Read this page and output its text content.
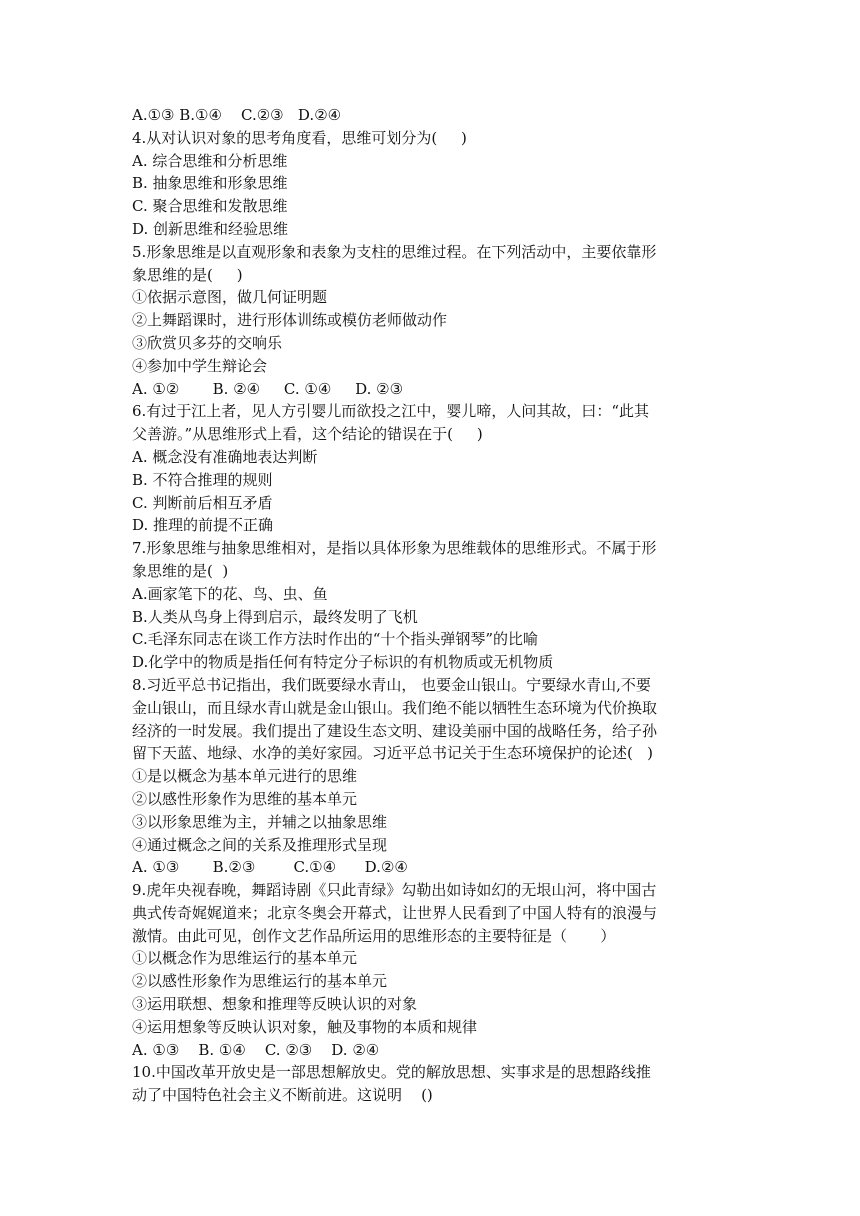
A.①③ B.①④    C.②③   D.②④
4.从对认识对象的思考角度看，思维可划分为(     )
A. 综合思维和分析思维
B. 抽象思维和形象思维
C. 聚合思维和发散思维
D. 创新思维和经验思维
5.形象思维是以直观形象和表象为支柱的思维过程。在下列活动中，主要依靠形
象思维的是(     )
①依据示意图，做几何证明题
②上舞蹈课时，进行形体训练或模仿老师做动作
③欣赏贝多芬的交响乐
④参加中学生辩论会
A. ①②       B. ②④     C. ①④     D. ②③
6.有过于江上者，见人方引婴儿而欲投之江中，婴儿啼，人问其故，曰：“此其
父善游。”从思维形式上看，这个结论的错误在于(     )
A. 概念没有准确地表达判断
B. 不符合推理的规则
C. 判断前后相互矛盾
D. 推理的前提不正确
7.形象思维与抽象思维相对，是指以具体形象为思维载体的思维形式。不属于形
象思维的是(  )
A.画家笔下的花、鸟、虫、鱼
B.人类从鸟身上得到启示，最终发明了飞机
C.毛泽东同志在谈工作方法时作出的“十个指头弹钢琴”的比喻
D.化学中的物质是指任何有特定分子标识的有机物质或无机物质
8.习近平总书记指出，我们既要绿水青山， 也要金山银山。宁要绿水青山,不要
金山银山，而且绿水青山就是金山银山。我们绝不能以牺牲生态环境为代价换取
经济的一时发展。我们提出了建设生态文明、建设美丽中国的战略任务，给子孙
留下天蓝、地绿、水净的美好家园。习近平总书记关于生态环境保护的论述(   )
①是以概念为基本单元进行的思维
②以感性形象作为思维的基本单元
③以形象思维为主，并辅之以抽象思维
④通过概念之间的关系及推理形式呈现
A. ①③       B.②③        C.①④      D.②④
9.虎年央视春晚，舞蹈诗剧《只此青绿》勾勒出如诗如幻的无垠山河，将中国古
典式传奇娓娓道来；北京冬奥会开幕式，让世界人民看到了中国人特有的浪漫与
激情。由此可见，创作文艺作品所运用的思维形态的主要特征是（       ）
①以概念作为思维运行的基本单元
②以感性形象作为思维运行的基本单元
③运用联想、想象和推理等反映认识的对象
④运用想象等反映认识对象，触及事物的本质和规律
A. ①③    B. ①④    C. ②③    D. ②④
10.中国改革开放史是一部思想解放史。党的解放思想、实事求是的思想路线推
动了中国特色社会主义不断前进。这说明    ()
